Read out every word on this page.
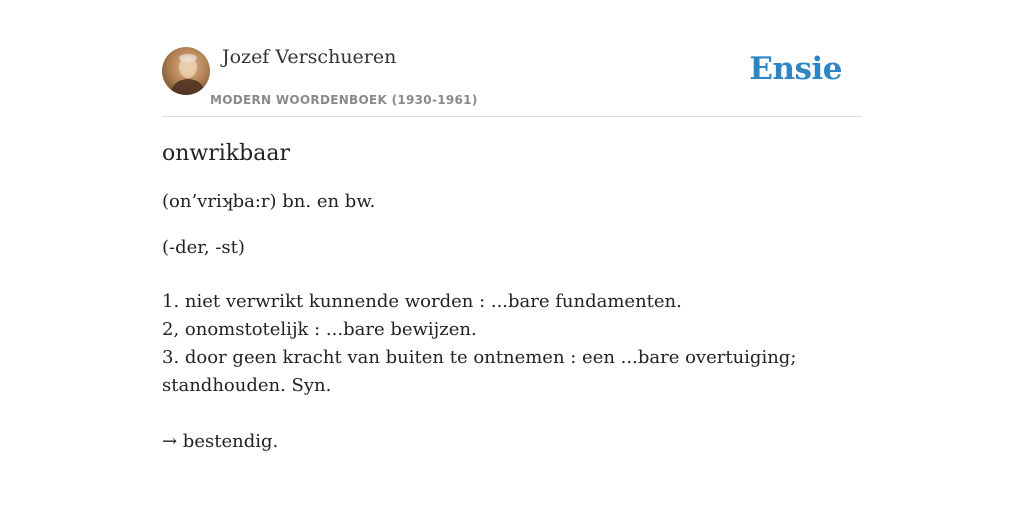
Jozef Verschueren
MODERN WOORDENBOEK (1930-1961)
Ensie
onwrikbaar
(on’vriʞba:r) bn. en bw.
(-der, -st)
1. niet verwrikt kunnende worden : ...bare fundamenten.
2, onomstotelijk : ...bare bewijzen.
3. door geen kracht van buiten te ontnemen : een ...bare overtuiging; standhouden. Syn.
→ bestendig.
